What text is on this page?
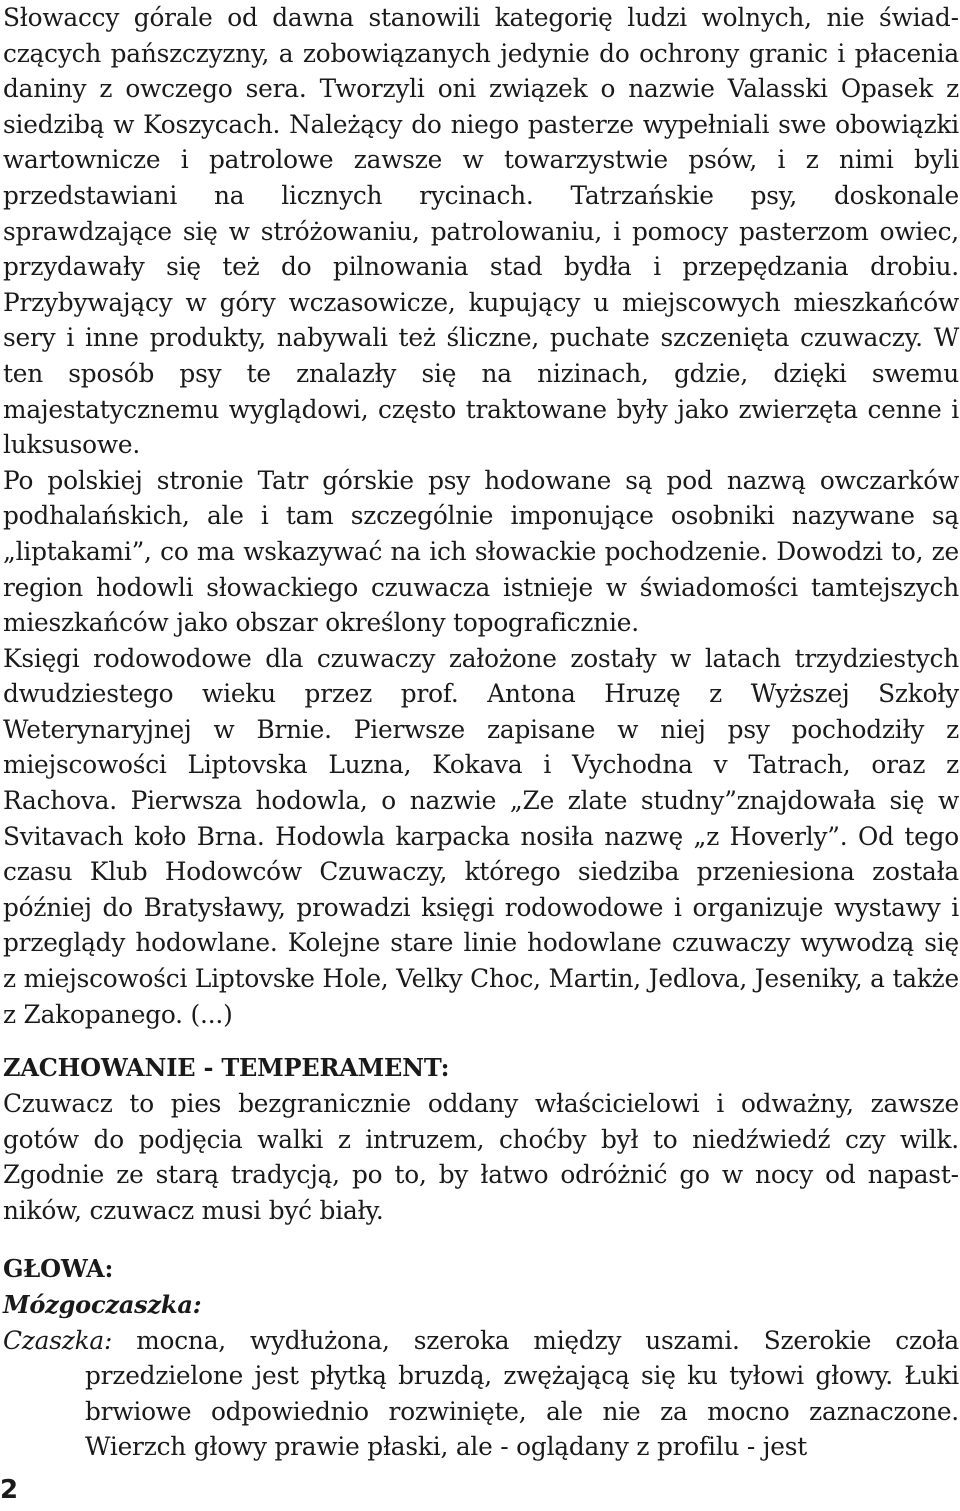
Słowaccy górale od dawna stanowili kategorię ludzi wolnych, nie świadczących pańszczyzny, a zobowiązanych jedynie do ochrony granic i płacenia daniny z owczego sera. Tworzyli oni związek o nazwie Valasski Opasek z siedzibą w Koszycach. Należący do niego pasterze wypełniali swe obowiązki wartownicze i patrolowe zawsze w towarzystwie psów, i z nimi byli przedstawiani na licznych rycinach. Tatrzańskie psy, doskonale sprawdzające się w stróżowaniu, patrolowaniu, i pomocy pasterzom owiec, przydawały się też do pilnowania stad bydła i przepędzania drobiu. Przybywający w góry wczasowicze, kupujący u miejscowych mieszkańców sery i inne produkty, nabywali też śliczne, puchate szczenięta czuwaczy. W ten sposób psy te znalazły się na nizinach, gdzie, dzięki swemu majestatycznemu wyglądowi, często traktowane były jako zwierzęta cenne i luksusowe.

Po polskiej stronie Tatr górskie psy hodowane są pod nazwą owczarków podhalańskich, ale i tam szczególnie imponujące osobniki nazywane są „liptakami”, co ma wskazywać na ich słowackie pochodzenie. Dowodzi to, ze region hodowli słowackiego czuwacza istnieje w świadomości tamtejszych mieszkańców jako obszar określony topograficznie.

Księgi rodowodowe dla czuwaczy założone zostały w latach trzydziestych dwudziestego wieku przez prof. Antona Hruzę z Wyższej Szkoły Weterynaryjnej w Brnie. Pierwsze zapisane w niej psy pochodziły z miejscowości Liptovska Luzna, Kokava i Vychodna v Tatrach, oraz z Rachova. Pierwsza hodowla, o nazwie „Ze zlate studny”znajdowała się w Svitavach koło Brna. Hodowla karpacka nosiła nazwę „z Hoverly”. Od tego czasu Klub Hodowców Czuwaczy, którego siedziba przeniesiona została później do Bratysławy, prowadzi księgi rodowodowe i organizuje wystawy i przeglądy hodowlane. Kolejne stare linie hodowlane czuwaczy wywodzą się z miejscowości Liptovske Hole, Velky Choc, Martin, Jedlova, Jeseniky, a także z Zakopanego. (...)

ZACHOWANIE - TEMPERAMENT:

Czuwacz to pies bezgranicznie oddany właścicielowi i odważny, zawsze gotów do podjęcia walki z intruzem, choćby był to niedźwiedź czy wilk. Zgodnie ze starą tradycją, po to, by łatwo odróżnić go w nocy od napastników, czuwacz musi być biały.

GŁOWA:
Mózgoczaszka:

Czaszka: mocna, wydłużona, szeroka między uszami. Szerokie czoła przedzielone jest płytką bruzdą, zwężającą się ku tyłowi głowy. Łuki brwiowe odpowiednio rozwinięte, ale nie za mocno zaznaczone. Wierzch głowy prawie płaski, ale - oglądany z profilu - jest

2
